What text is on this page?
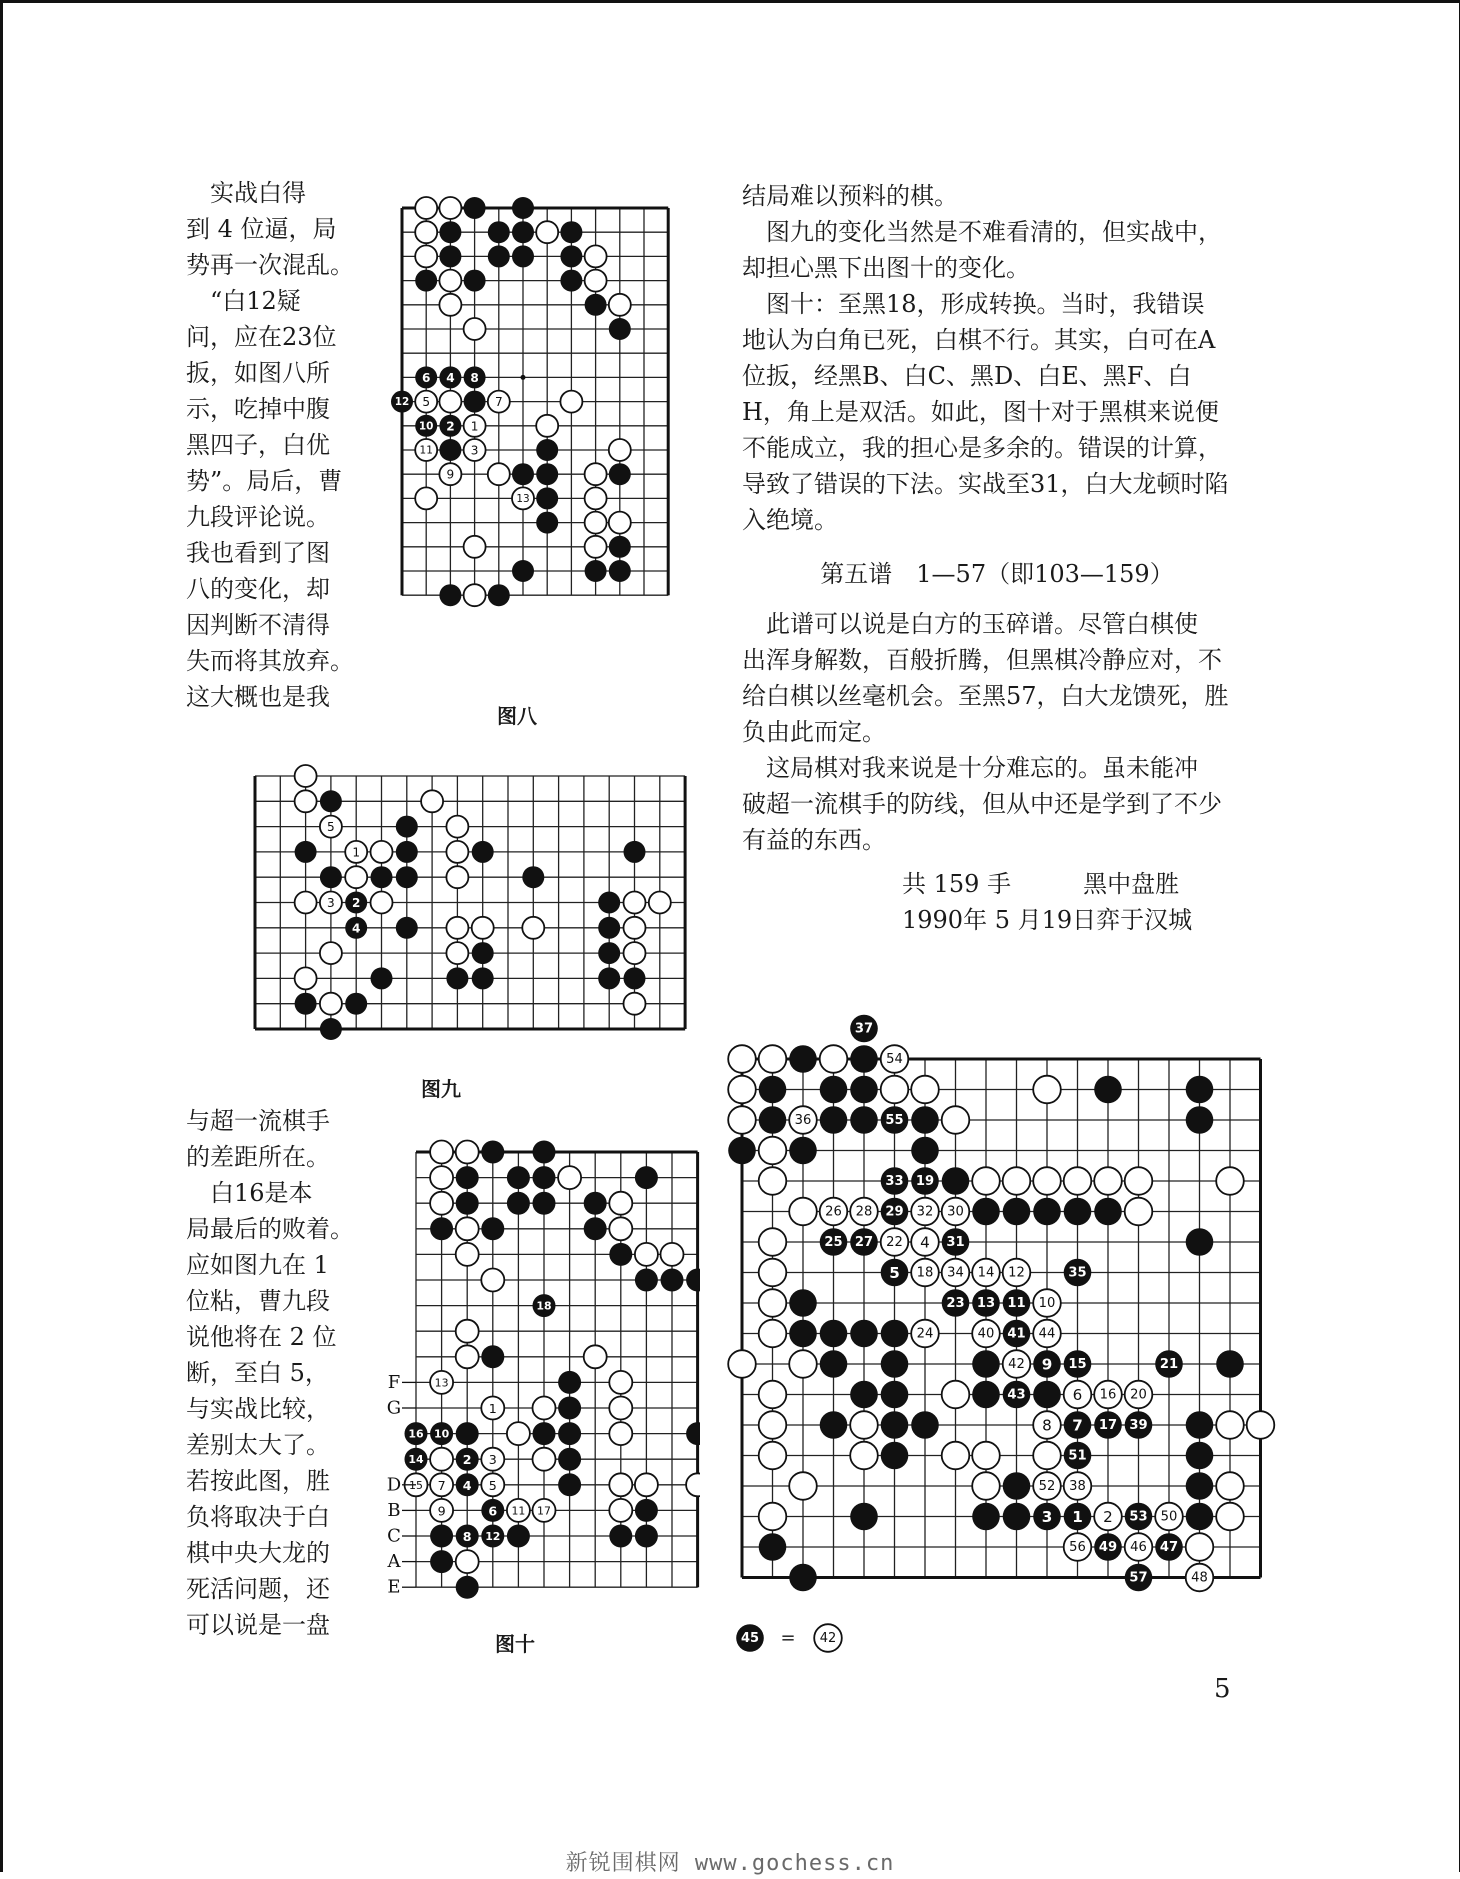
　实战白得
到 4 位逼，局
势再一次混乱。
　“白12疑
问，应在23位
扳，如图八所
示，吃掉中腹
黑四子，白优
势”。局后，曹
九段评论说。
我也看到了图
八的变化，却
因判断不清得
失而将其放弃。
这大概也是我
6 4 8
12 5	7
10 2 1
11	3
9
13
图八
5
1
3 2
4
图九
与超一流棋手
的差距所在。
　白16是本
局最后的败着。
应如图九在 1
位粘，曹九段
说他将在 2 位
断，至白 5，
与实战比较，
差别太大了。
若按此图，胜
负将取决于白
棋中央大龙的
死活问题，还
可以说是一盘
18
13
1
16 10
14	2 3
15 7 4 5
9	6 11 17
8 12
F
G
D
B
C
A
E
图十
结局难以预料的棋。
　图九的变化当然是不难看清的，但实战中，
却担心黑下出图十的变化。
　图十：至黑18，形成转换。当时，我错误
地认为白角已死，白棋不行。其实，白可在A
位扳，经黑B、白C、黑D、白E、黑F、白
H，角上是双活。如此，图十对于黑棋来说便
不能成立，我的担心是多余的。错误的计算，
导致了错误的下法。实战至31，白大龙顿时陷
入绝境。
第五谱　1—57（即103—159）
　此谱可以说是白方的玉碎谱。尽管白棋使
出浑身解数，百般折腾，但黑棋冷静应对，不
给白棋以丝毫机会。至黑57，白大龙馈死，胜
负由此而定。
　这局棋对我来说是十分难忘的。虽未能冲
破超一流棋手的防线，但从中还是学到了不少
有益的东西。
共 159 手　　　黑中盘胜
1990年 5 月19日弈于汉城
37
54
36	55
33 19
26 28 29 32 30
25 27 22 4 31
5 18 34 14 12	35
23 13 11 10
24	40 41 44
42 9 15	21
43	6 16 20
8 7 17 39
51
52 38
3 1 2 53 50
56 49 46 47
57	48
45 = 42
5
新锐围棋网 www.gochess.cn
